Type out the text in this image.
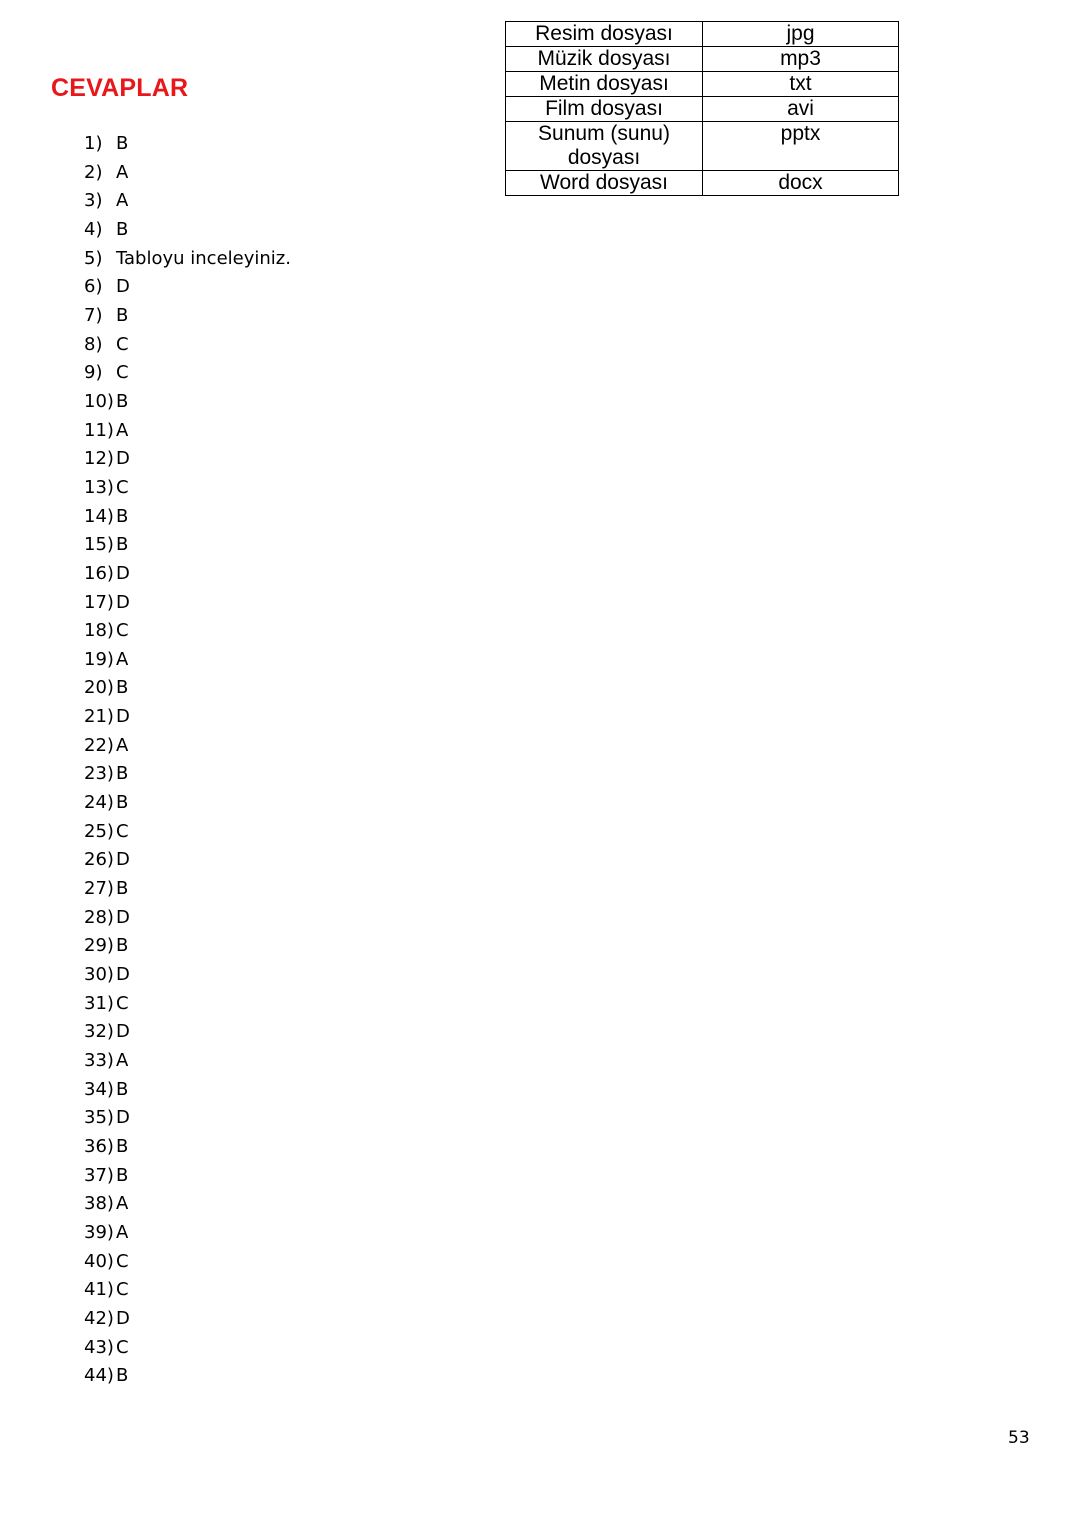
CEVAPLAR
1) B
2) A
3) A
4) B
5) Tabloyu inceleyiniz.
6) D
7) B
8) C
9) C
10) B
11) A
12) D
13) C
14) B
15) B
16) D
17) D
18) C
19) A
20) B
21) D
22) A
23) B
24) B
25) C
26) D
27) B
28) D
29) B
30) D
31) C
32) D
33) A
34) B
35) D
36) B
37) B
38) A
39) A
40) C
41) C
42) D
43) C
44) B
Resim dosyası	jpg
Müzik dosyası	mp3
Metin dosyası	txt
Film dosyası	avi
Sunum (sunu) dosyası	pptx
Word dosyası	docx
53
